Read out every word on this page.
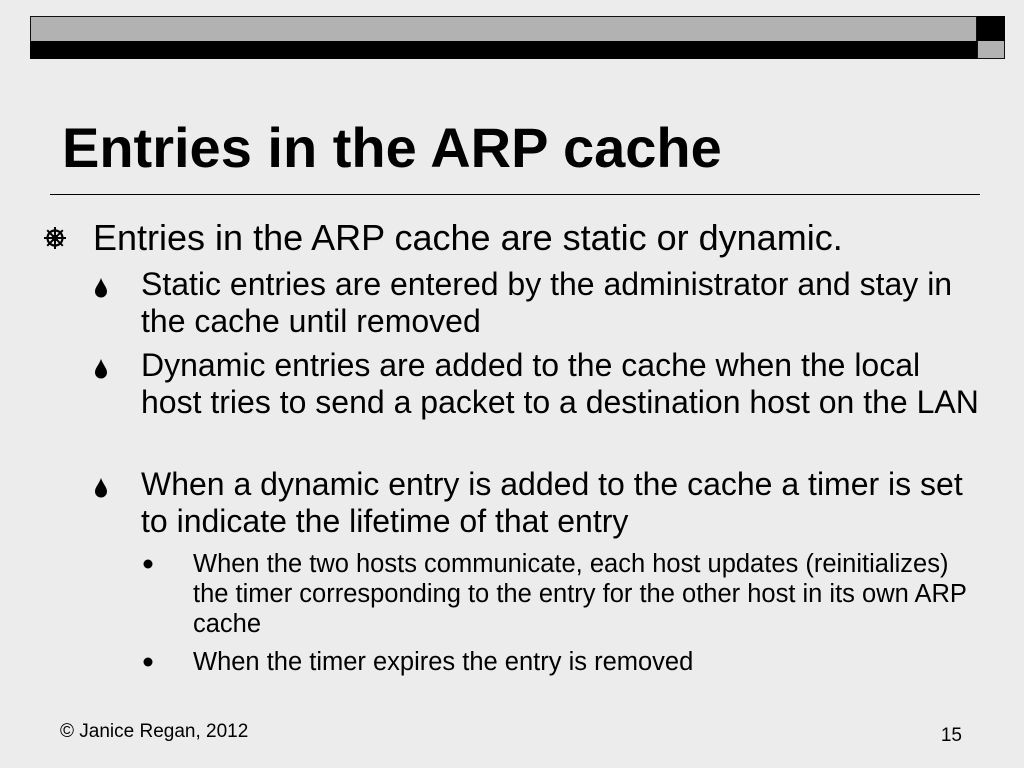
Entries in the ARP cache

Entries in the ARP cache are static or dynamic.

Static entries are entered by the administrator and stay in the cache until removed

Dynamic entries are added to the cache when the local host tries to send a packet to a destination host on the LAN

When a dynamic entry is added to the cache a timer is set to indicate the lifetime of that entry

When the two hosts communicate, each host updates (reinitializes) the timer corresponding to the entry for the other host in its own ARP cache

When the timer expires the entry is removed

© Janice Regan, 2012	15
